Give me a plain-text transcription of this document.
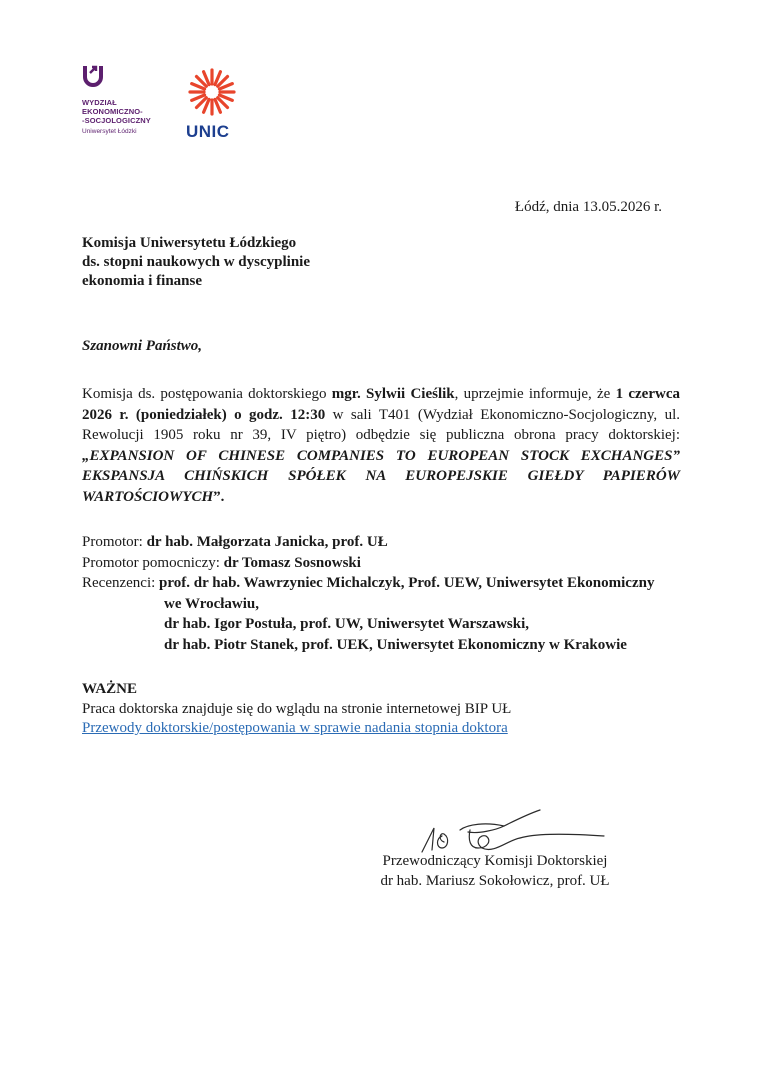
WYDZIAŁ
EKONOMICZNO-
-SOCJOLOGICZNY
Uniwersytet Łódzki	UNIC
Łódź, dnia 13.05.2026 r.
Komisja Uniwersytetu Łódzkiego
ds. stopni naukowych w dyscyplinie
ekonomia i finanse
Szanowni Państwo,
Komisja ds. postępowania doktorskiego mgr. Sylwii Cieślik, uprzejmie informuje, że 1 czerwca 2026 r. (poniedziałek) o godz. 12:30 w sali T401 (Wydział Ekonomiczno-Socjologiczny, ul. Rewolucji 1905 roku nr 39, IV piętro) odbędzie się publiczna obrona pracy doktorskiej: „EXPANSION OF CHINESE COMPANIES TO EUROPEAN STOCK EXCHANGES” EKSPANSJA CHIŃSKICH SPÓŁEK NA EUROPEJSKIE GIEŁDY PAPIERÓW WARTOŚCIOWYCH”.
Promotor: dr hab. Małgorzata Janicka, prof. UŁ
Promotor pomocniczy: dr Tomasz Sosnowski
Recenzenci: prof. dr hab. Wawrzyniec Michalczyk, Prof. UEW, Uniwersytet Ekonomiczny
we Wrocławiu,
dr hab. Igor Postuła, prof. UW, Uniwersytet Warszawski,
dr hab. Piotr Stanek, prof. UEK, Uniwersytet Ekonomiczny w Krakowie
WAŻNE
Praca doktorska znajduje się do wglądu na stronie internetowej BIP UŁ
Przewody doktorskie/postępowania w sprawie nadania stopnia doktora
Przewodniczący Komisji Doktorskiej
dr hab. Mariusz Sokołowicz, prof. UŁ
